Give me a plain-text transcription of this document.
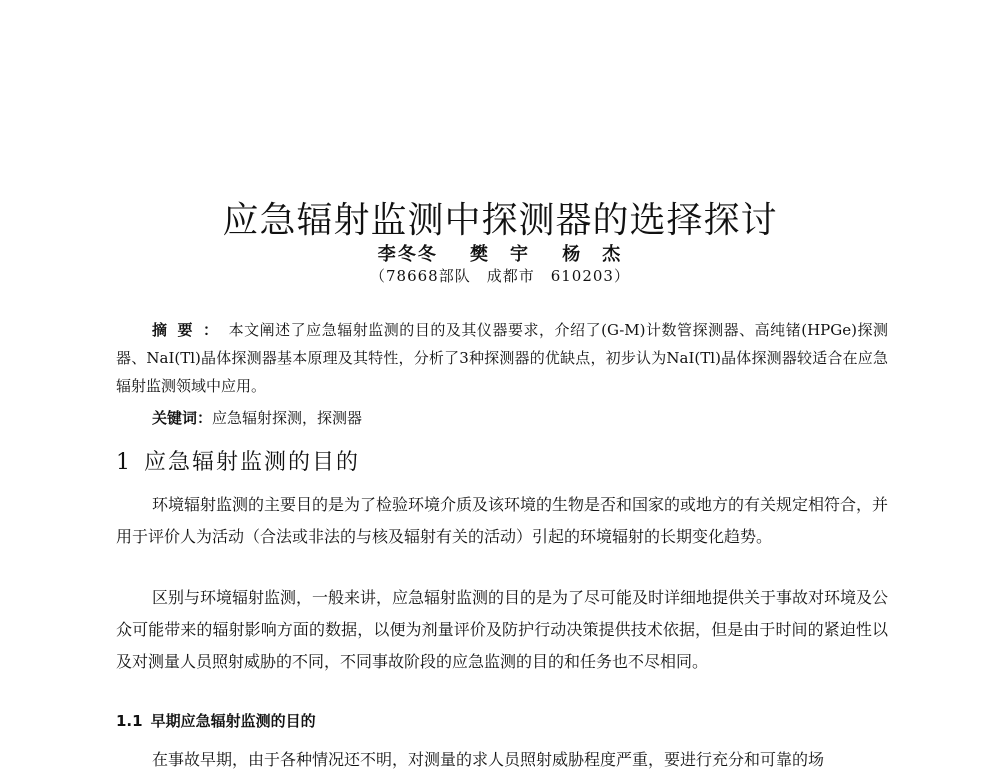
应急辐射监测中探测器的选择探讨
李冬冬 樊　宇 杨　杰
（78668部队　成都市　610203）
摘要：本文阐述了应急辐射监测的目的及其仪器要求，介绍了(G-M)计数管探测器、高纯锗(HPGe)探测器、NaI(Tl)晶体探测器基本原理及其特性，分析了3种探测器的优缺点，初步认为NaI(Tl)晶体探测器较适合在应急辐射监测领域中应用。
关键词：应急辐射探测，探测器
1 应急辐射监测的目的

环境辐射监测的主要目的是为了检验环境介质及该环境的生物是否和国家的或地方的有关规定相符合，并用于评价人为活动（合法或非法的与核及辐射有关的活动）引起的环境辐射的长期变化趋势。

区别与环境辐射监测，一般来讲，应急辐射监测的目的是为了尽可能及时详细地提供关于事故对环境及公众可能带来的辐射影响方面的数据，以便为剂量评价及防护行动决策提供技术依据，但是由于时间的紧迫性以及对测量人员照射威胁的不同，不同事故阶段的应急监测的目的和任务也不尽相同。

1.1 早期应急辐射监测的目的
在事故早期，由于各种情况还不明，对测量的求人员照射威胁程度严重，要进行充分和可靠的场
